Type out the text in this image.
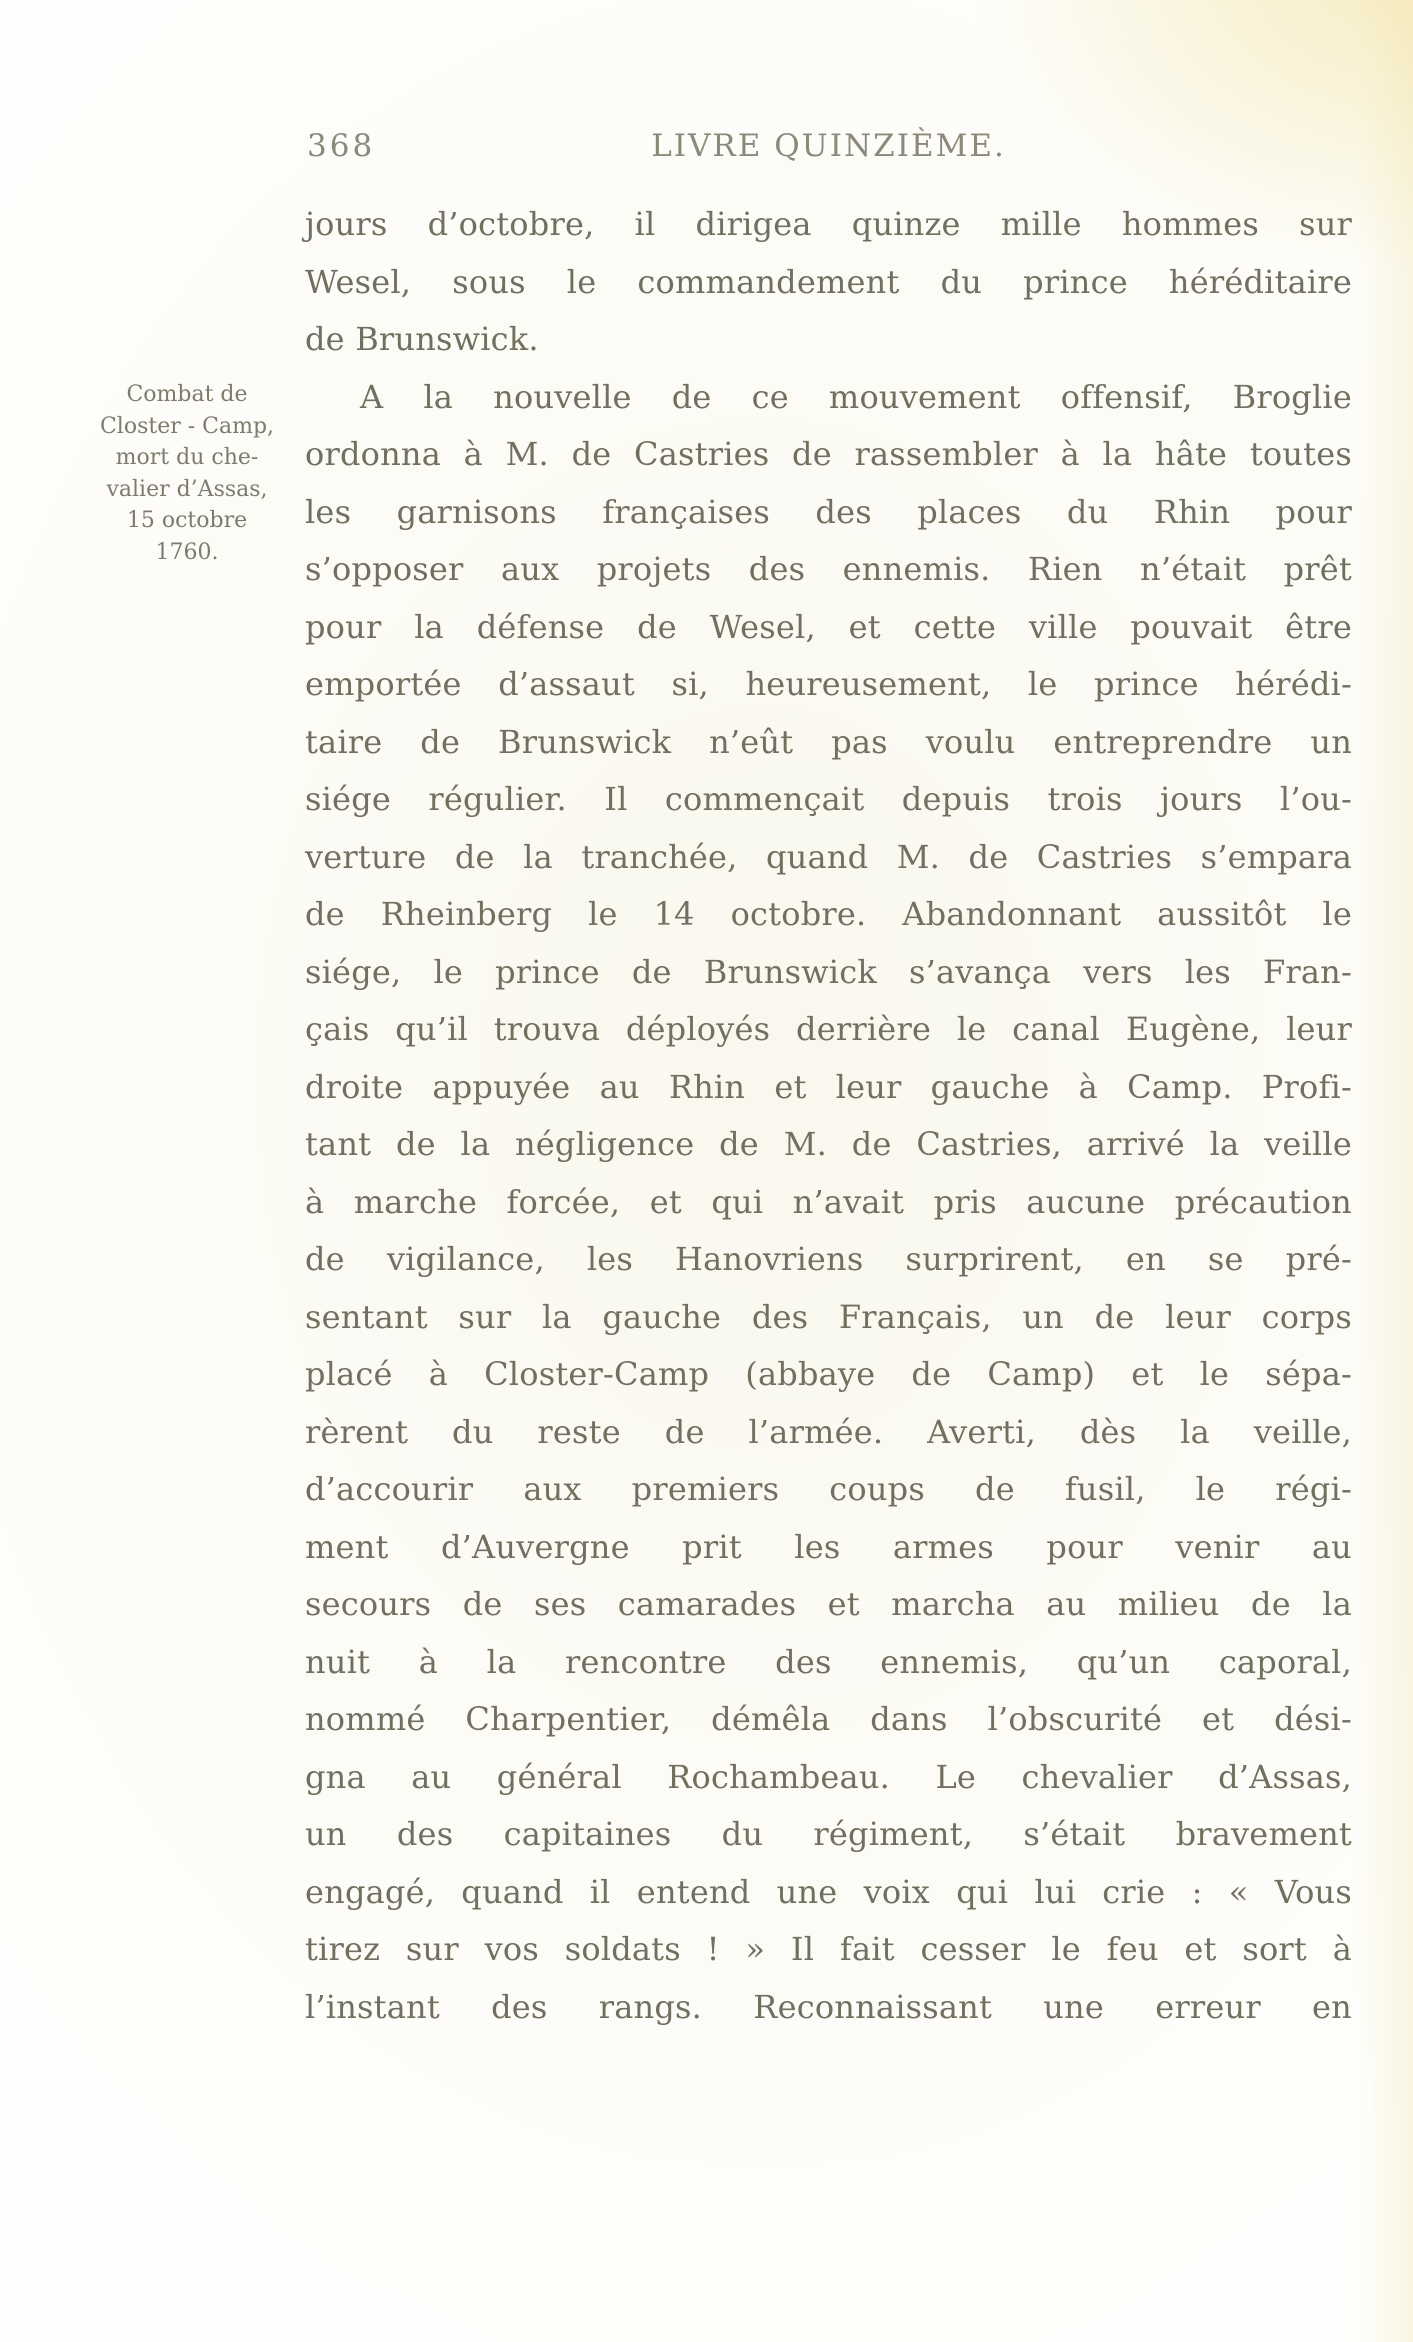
368	LIVRE QUINZIÈME.
Combat de
Closter - Camp,
mort du che-
valier d’Assas,
15 octobre
1760.
jours d’octobre, il dirigea quinze mille hommes sur
Wesel, sous le commandement du prince héréditaire
de Brunswick.
A la nouvelle de ce mouvement offensif, Broglie
ordonna à M. de Castries de rassembler à la hâte toutes
les garnisons françaises des places du Rhin pour
s’opposer aux projets des ennemis. Rien n’était prêt
pour la défense de Wesel, et cette ville pouvait être
emportée d’assaut si, heureusement, le prince hérédi-
taire de Brunswick n’eût pas voulu entreprendre un
siége régulier. Il commençait depuis trois jours l’ou-
verture de la tranchée, quand M. de Castries s’empara
de Rheinberg le 14 octobre. Abandonnant aussitôt le
siége, le prince de Brunswick s’avança vers les Fran-
çais qu’il trouva déployés derrière le canal Eugène, leur
droite appuyée au Rhin et leur gauche à Camp. Profi-
tant de la négligence de M. de Castries, arrivé la veille
à marche forcée, et qui n’avait pris aucune précaution
de vigilance, les Hanovriens surprirent, en se pré-
sentant sur la gauche des Français, un de leur corps
placé à Closter-Camp (abbaye de Camp) et le sépa-
rèrent du reste de l’armée. Averti, dès la veille,
d’accourir aux premiers coups de fusil, le régi-
ment d’Auvergne prit les armes pour venir au
secours de ses camarades et marcha au milieu de la
nuit à la rencontre des ennemis, qu’un caporal,
nommé Charpentier, démêla dans l’obscurité et dési-
gna au général Rochambeau. Le chevalier d’Assas,
un des capitaines du régiment, s’était bravement
engagé, quand il entend une voix qui lui crie : « Vous
tirez sur vos soldats ! » Il fait cesser le feu et sort à
l’instant des rangs. Reconnaissant une erreur en
